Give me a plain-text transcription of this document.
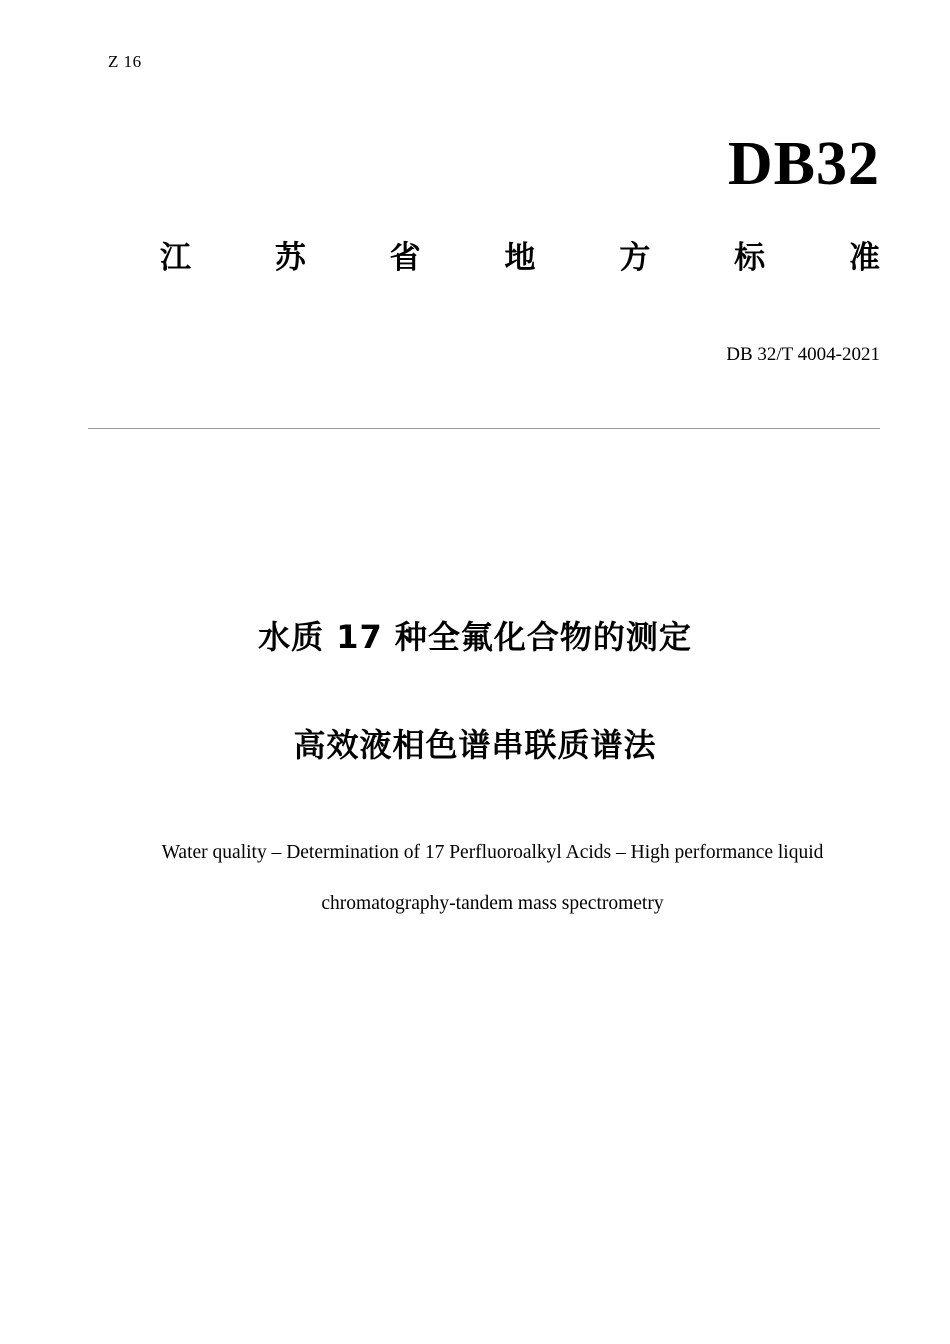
Z 16
DB32
江	苏	省	地	方	标	准
DB 32/T 4004-2021
水质 17 种全氟化合物的测定
高效液相色谱串联质谱法
Water quality – Determination of 17 Perfluoroalkyl Acids – High performance liquid
chromatography-tandem mass spectrometry
